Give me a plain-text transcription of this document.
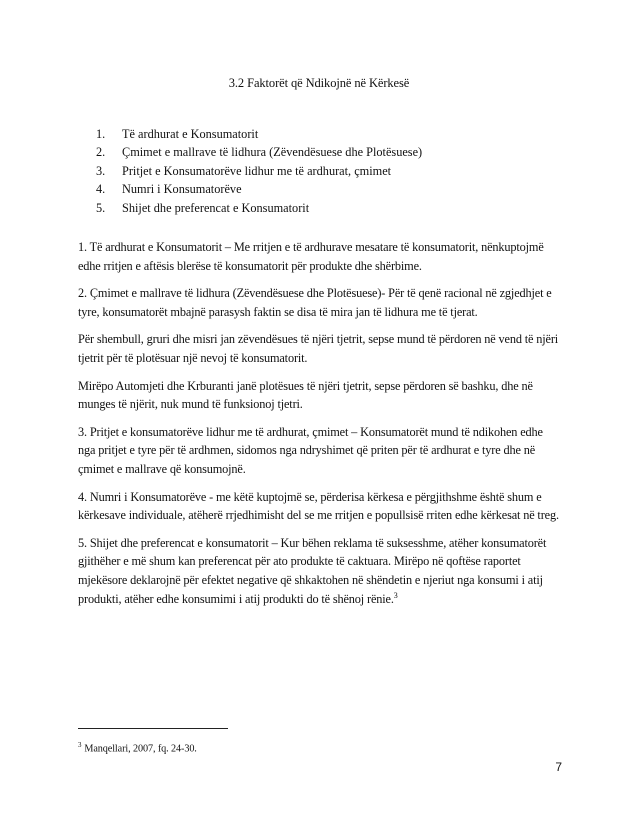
3.2 Faktorët që Ndikojnë në Kërkesë
1.	Të ardhurat e Konsumatorit
2.	Çmimet e mallrave të lidhura (Zëvendësuese dhe Plotësuese)
3.	Pritjet e Konsumatorëve lidhur me të ardhurat, çmimet
4.	Numri i Konsumatorëve
5.	Shijet dhe preferencat e Konsumatorit

1. Të ardhurat e Konsumatorit – Me rritjen e të ardhurave mesatare të konsumatorit, nënkuptojmë edhe rritjen e aftësis blerëse të konsumatorit për produkte dhe shërbime.

2. Çmimet e mallrave të lidhura (Zëvendësuese dhe Plotësuese)- Për të qenë racional në zgjedhjet e tyre, konsumatorët mbajnë parasysh faktin se disa të mira jan të lidhura me të tjerat.

Për shembull, gruri dhe misri jan zëvendësues të njëri tjetrit, sepse mund të përdoren në vend të njëri tjetrit për të plotësuar një nevoj të konsumatorit.

Mirëpo Automjeti dhe Krburanti janë plotësues të njëri tjetrit, sepse përdoren së bashku, dhe në munges të njërit, nuk mund të funksionoj tjetri.

3. Pritjet e konsumatorëve lidhur me të ardhurat, çmimet – Konsumatorët mund të ndikohen edhe nga pritjet e tyre për të ardhmen, sidomos nga ndryshimet që priten për të ardhurat e tyre dhe në çmimet e mallrave që konsumojnë.

4. Numri i Konsumatorëve - me këtë kuptojmë se, përderisa kërkesa e përgjithshme është shum e kërkesave individuale, atëherë rrjedhimisht del se me rritjen e popullsisë rriten edhe kërkesat në treg.

5. Shijet dhe preferencat e konsumatorit – Kur bëhen reklama të suksesshme, atëher konsumatorët gjithëher e më shum kan preferencat për ato produkte të caktuara. Mirëpo në qoftëse raportet mjekësore deklarojnë për efektet negative që shkaktohen në shëndetin e njeriut nga konsumi i atij produkti, atëher edhe konsumimi i atij produkti do të shënoj rënie.$^3$

$^3$ Manqellari, 2007, fq. 24-30.
7
